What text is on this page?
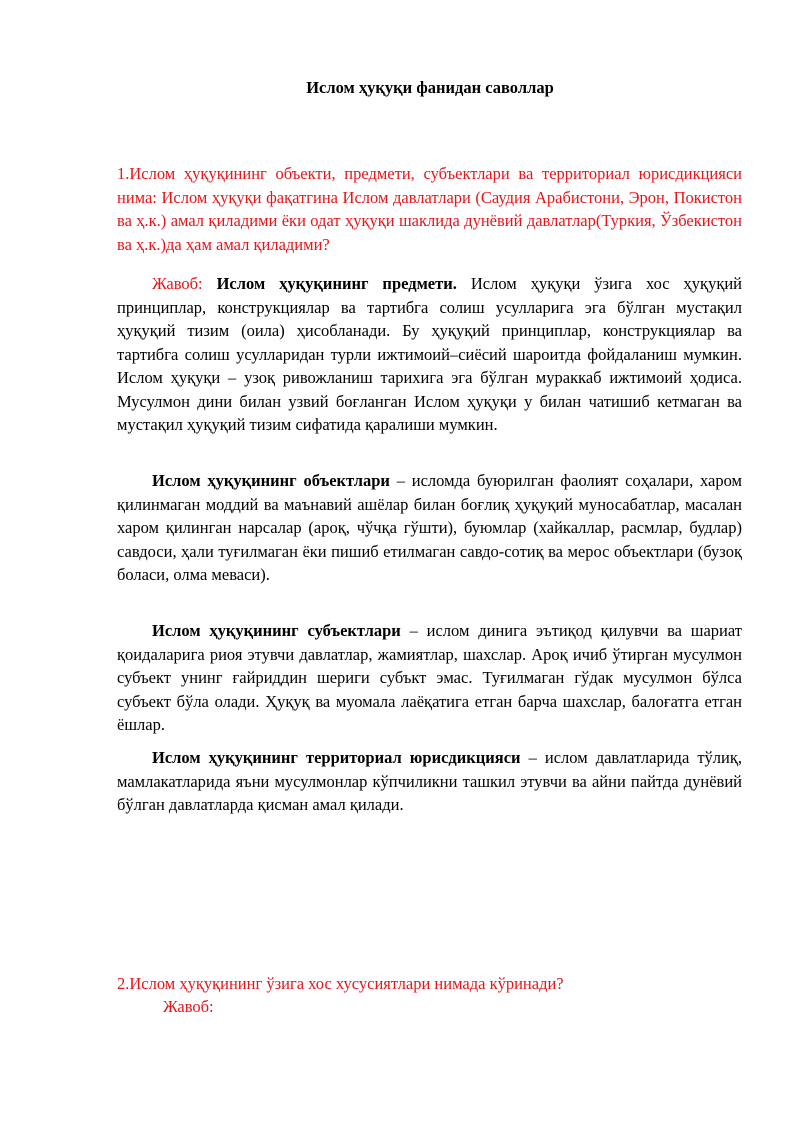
Ислом ҳуқуқи фанидан саволлар
1.Ислом ҳуқуқининг объекти, предмети, субъектлари ва территориал юрисдикцияси нима: Ислом ҳуқуқи фақатгина Ислом давлатлари (Саудия Арабистони, Эрон, Покистон ва ҳ.к.) амал қиладими ёки одат ҳуқуқи шаклида дунёвий давлатлар(Туркия, Ўзбекистон ва ҳ.к.)да ҳам амал қиладими?

Жавоб: Ислом ҳуқуқининг предмети. Ислом ҳуқуқи ўзига хос ҳуқуқий принциплар, конструкциялар ва тартибга солиш усулларига эга бўлган мустақил ҳуқуқий тизим (оила) ҳисобланади. Бу ҳуқуқий принциплар, конструкциялар ва тартибга солиш усулларидан турли ижтимоий–сиёсий шароитда фойдаланиш мумкин. Ислом ҳуқуқи – узоқ ривожланиш тарихига эга бўлган мураккаб ижтимоий ҳодиса. Мусулмон дини билан узвий боғланган Ислом ҳуқуқи у билан чатишиб кетмаган ва мустақил ҳуқуқий тизим сифатида қаралиши мумкин.

Ислом ҳуқуқининг объектлари – исломда буюрилган фаолият соҳалари, харом қилинмаган моддий ва маънавий ашёлар билан боғлиқ ҳуқуқий муносабатлар, масалан харом қилинган нарсалар (ароқ, чўчқа гўшти), буюмлар (хайкаллар, расмлар, будлар) савдоси, ҳали туғилмаган ёки пишиб етилмаган савдо-сотиқ ва мерос объектлари (бузоқ боласи, олма меваси).

Ислом ҳуқуқининг субъектлари – ислом динига эътиқод қилувчи ва шариат қоидаларига риоя этувчи давлатлар, жамиятлар, шахслар. Ароқ ичиб ўтирган мусулмон субъект унинг ғайриддин шериги субъкт эмас. Туғилмаган гўдак мусулмон бўлса субъект бўла олади. Ҳуқуқ ва муомала лаёқатига етган барча шахслар, балоғатга етган ёшлар.

Ислом ҳуқуқининг территориал юрисдикцияси – ислом давлатларида тўлиқ, мамлакатларида яъни мусулмонлар кўпчиликни ташкил этувчи ва айни пайтда дунёвий бўлган давлатларда қисман амал қилади.

2.Ислом ҳуқуқининг ўзига хос хусусиятлари нимада кўринади?
Жавоб:
